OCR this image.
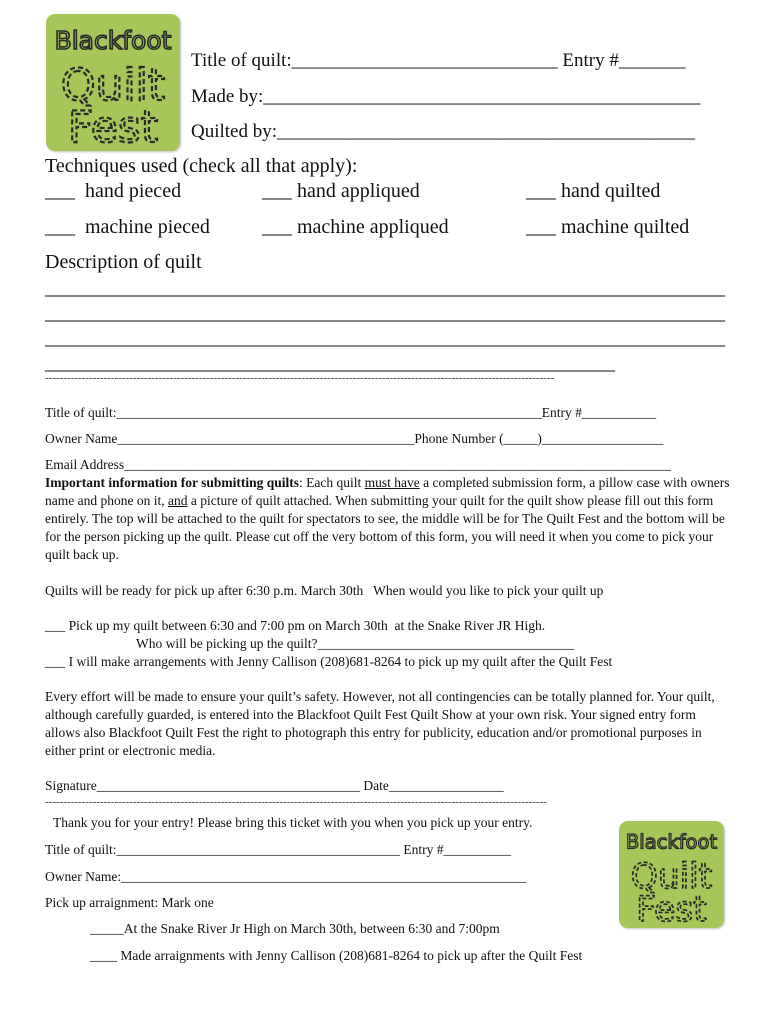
Blackfoot
Quilt
Fest
Title of quilt:____________________________ Entry #_______
Made by:______________________________________________
Quilted by:____________________________________________
Techniques used (check all that apply):
___  hand pieced	___ hand appliqued	___ hand quilted
___  machine pieced	___ machine appliqued	___ machine quilted
Description of quilt
____________________________________________________________________
____________________________________________________________________
____________________________________________________________________
_________________________________________________________
-------------------------------------------------------------------------------------------------------------------------------------------
Title of quilt:_______________________________________________________________Entry #___________
Owner Name____________________________________________Phone Number (_____)__________________
Email Address_________________________________________________________________________________
Important information for submitting quilts: Each quilt must have a completed submission form, a pillow case with owners name and phone on it, and a picture of quilt attached. When submitting your quilt for the quilt show please fill out this form entirely. The top will be attached to the quilt for spectators to see, the middle will be for The Quilt Fest and the bottom will be for the person picking up the quilt. Please cut off the very bottom of this form, you will need it when you come to pick your quilt back up.
Quilts will be ready for pick up after 6:30 p.m. March 30th   When would you like to pick your quilt up
___ Pick up my quilt between 6:30 and 7:00 pm on March 30th  at the Snake River JR High.
Who will be picking up the quilt?______________________________________
___ I will make arrangements with Jenny Callison (208)681-8264 to pick up my quilt after the Quilt Fest
Every effort will be made to ensure your quilt’s safety. However, not all contingencies can be totally planned for. Your quilt, although carefully guarded, is entered into the Blackfoot Quilt Fest Quilt Show at your own risk. Your signed entry form allows also Blackfoot Quilt Fest the right to photograph this entry for publicity, education and/or promotional purposes in either print or electronic media.
Signature_______________________________________ Date_________________
-----------------------------------------------------------------------------------------------------------------------------------------
Thank you for your entry! Please bring this ticket with you when you pick up your entry.
Title of quilt:__________________________________________ Entry #__________
Owner Name:____________________________________________________________
Pick up arraignment: Mark one
_____At the Snake River Jr High on March 30th, between 6:30 and 7:00pm
____ Made arraignments with Jenny Callison (208)681-8264 to pick up after the Quilt Fest
Blackfoot
Quilt
Fest
